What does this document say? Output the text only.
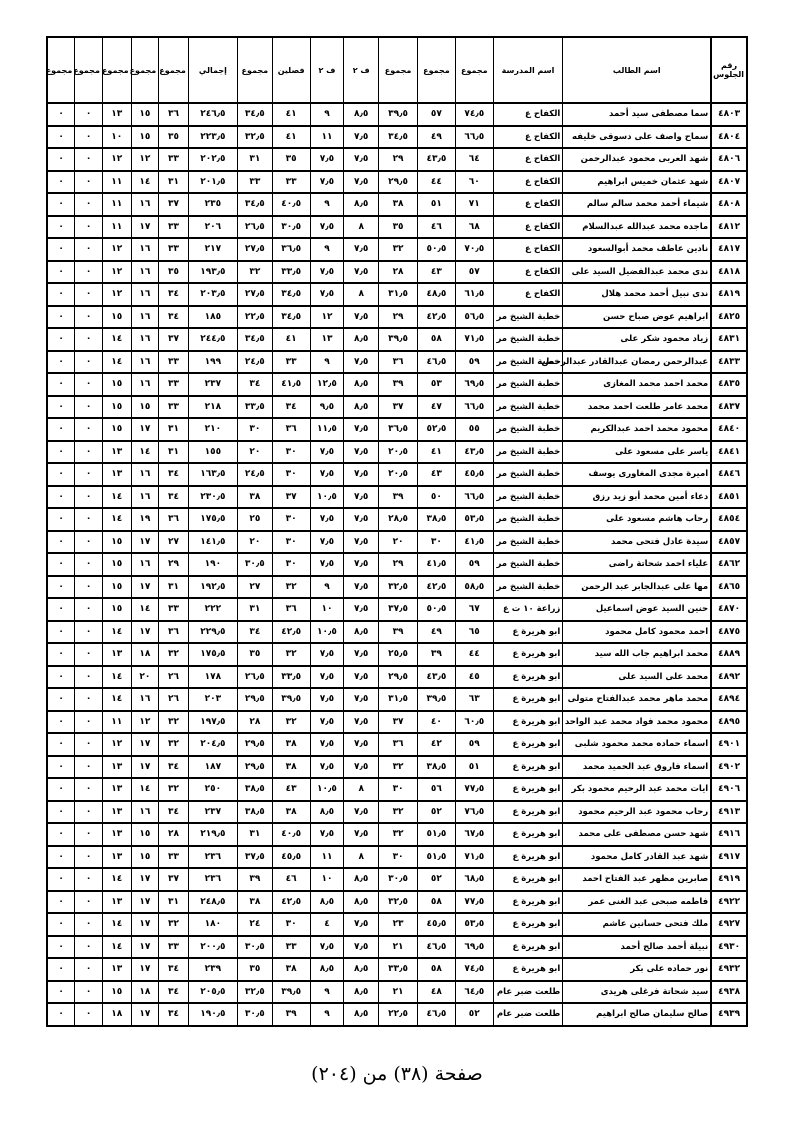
رقم الجلوس	اسم الطالب	اسم المدرسة	مجموع	مجموع	مجموع	ف ٢	ف ٢	فصلين	مجموع	إجمالي	مجموع	مجموع	مجموع	مجموع	مجموع
٤٨٠٣	سما مصطفى سيد أحمد	الكفاح ع	٧٤٫٥	٥٧	٣٩٫٥	٨٫٥	٩	٤١	٣٤٫٥	٢٤٦٫٥	٣٦	١٥	١٣	٠	٠
٤٨٠٤	سماح واصف على دسوقى خليفه	الكفاح ع	٦٦٫٥	٤٩	٣٤٫٥	٧٫٥	١١	٤١	٣٢٫٥	٢٢٣٫٥	٣٥	١٥	١٠	٠	٠
٤٨٠٦	شهد العربى محمود عبدالرحمن	الكفاح ع	٦٤	٤٣٫٥	٢٩	٧٫٥	٧٫٥	٣٥	٣١	٢٠٢٫٥	٣٣	١٢	١٢	٠	٠
٤٨٠٧	شهد عثمان خميس ابراهيم	الكفاح ع	٦٠	٤٤	٢٩٫٥	٧٫٥	٧٫٥	٣٣	٣٣	٢٠١٫٥	٣١	١٤	١١	٠	٠
٤٨٠٨	شيماء أحمد محمد سالم سالم	الكفاح ع	٧١	٥١	٣٨	٨٫٥	٩	٤٠٫٥	٣٤٫٥	٢٣٥	٣٧	١٦	١١	٠	٠
٤٨١٢	ماجده محمد عبدالله عبدالسلام	الكفاح ع	٦٨	٤٦	٣٥	٨	٧٫٥	٣٠٫٥	٢٦٫٥	٢٠٦	٣٣	١٧	١١	٠	٠
٤٨١٧	نادين عاطف محمد أبوالسعود	الكفاح ع	٧٠٫٥	٥٠٫٥	٣٢	٧٫٥	٩	٣٦٫٥	٢٧٫٥	٢١٧	٣٣	١٦	١٢	٠	٠
٤٨١٨	ندى محمد عبدالفضيل السيد على	الكفاح ع	٥٧	٤٣	٢٨	٧٫٥	٧٫٥	٣٣٫٥	٣٢	١٩٣٫٥	٣٥	١٦	١٢	٠	٠
٤٨١٩	ندى نبيل أحمد محمد هلال	الكفاح ع	٦١٫٥	٤٨٫٥	٣١٫٥	٨	٧٫٥	٣٤٫٥	٢٧٫٥	٢٠٣٫٥	٣٤	١٦	١٢	٠	٠
٤٨٢٥	ابراهيم عوض صباح حسن	خطبة الشيخ مر	٥٦٫٥	٤٢٫٥	٢٩	٧٫٥	١٢	٣٤٫٥	٢٢٫٥	١٨٥	٣٤	١٦	١٥	٠	٠
٤٨٣١	زياد محمود شكر على	خطبة الشيخ مر	٧١٫٥	٥٨	٣٩٫٥	٨٫٥	١٣	٤١	٣٤٫٥	٢٤٤٫٥	٣٧	١٦	١٤	٠	٠
٤٨٣٣	عبدالرحمن رمضان عبدالقادر عبدالرحمن	خطبة الشيخ مر	٥٩	٤٦٫٥	٣٦	٧٫٥	٩	٣٣	٢٤٫٥	١٩٩	٣٣	١٦	١٤	٠	٠
٤٨٣٥	محمد احمد محمد المغازى	خطبة الشيخ مر	٦٩٫٥	٥٣	٣٩	٨٫٥	١٢٫٥	٤١٫٥	٣٤	٢٣٧	٣٣	١٦	١٥	٠	٠
٤٨٣٧	محمد عامر طلعت احمد محمد	خطبة الشيخ مر	٦٦٫٥	٤٧	٣٧	٨٫٥	٩٫٥	٣٤	٣٣٫٥	٢١٨	٣٣	١٥	١٥	٠	٠
٤٨٤٠	محمود محمد احمد عبدالكريم	خطبة الشيخ مر	٥٥	٥٢٫٥	٣٦٫٥	٧٫٥	١١٫٥	٣٦	٣٠	٢١٠	٣١	١٧	١٥	٠	٠
٤٨٤١	ياسر على مسعود على	خطبة الشيخ مر	٤٣٫٥	٤١	٢٠٫٥	٧٫٥	٧٫٥	٣٠	٢٠	١٥٥	٣١	١٤	١٣	٠	٠
٤٨٤٦	اميرة مجدى المغاورى يوسف	خطبة الشيخ مر	٤٥٫٥	٤٣	٢٠٫٥	٧٫٥	٧٫٥	٣٠	٢٤٫٥	١٦٣٫٥	٣٤	١٦	١٣	٠	٠
٤٨٥١	دعاء أمين محمد أبو زيد رزق	خطبة الشيخ مر	٦٦٫٥	٥٠	٣٩	٧٫٥	١٠٫٥	٣٧	٣٨	٢٣٠٫٥	٣٤	١٦	١٤	٠	٠
٤٨٥٤	رحاب هاشم مسعود على	خطبة الشيخ مر	٥٣٫٥	٣٨٫٥	٢٨٫٥	٧٫٥	٧٫٥	٣٠	٢٥	١٧٥٫٥	٣٦	١٩	١٤	٠	٠
٤٨٥٧	سيدة عادل فتحى محمد	خطبة الشيخ مر	٤١٫٥	٣٠	٢٠	٧٫٥	٧٫٥	٣٠	٢٠	١٤١٫٥	٢٧	١٧	١٥	٠	٠
٤٨٦٢	علياء احمد شحاتة راضى	خطبة الشيخ مر	٥٩	٤١٫٥	٢٩	٧٫٥	٧٫٥	٣٠	٣٠٫٥	١٩٠	٢٩	١٦	١٥	٠	٠
٤٨٦٥	مها على عبدالجابر عبد الرحمن	خطبة الشيخ مر	٥٨٫٥	٤٢٫٥	٣٢٫٥	٧٫٥	٩	٣٢	٢٧	١٩٢٫٥	٣١	١٧	١٥	٠	٠
٤٨٧٠	حنين السيد عوض اسماعيل	زراعة ١٠ ت ع	٦٧	٥٠٫٥	٣٧٫٥	٧٫٥	١٠	٣٦	٣١	٢٢٢	٣٣	١٤	١٥	٠	٠
٤٨٧٥	احمد محمود كامل محمود	ابو هريرة ع	٦٥	٤٩	٣٩	٨٫٥	١٠٫٥	٤٢٫٥	٣٤	٢٢٩٫٥	٣٦	١٧	١٤	٠	٠
٤٨٨٩	محمد ابراهيم جاب الله سيد	ابو هريرة ع	٤٤	٣٩	٢٥٫٥	٧٫٥	٧٫٥	٣٢	٣٥	١٧٥٫٥	٣٢	١٨	١٣	٠	٠
٤٨٩٢	محمد على السيد على	ابو هريرة ع	٤٥	٤٣٫٥	٢٩٫٥	٧٫٥	٧٫٥	٣٣٫٥	٢٦٫٥	١٧٨	٢٦	٢٠	١٤	٠	٠
٤٨٩٤	محمد ماهر محمد عبدالفتاح متولى	ابو هريرة ع	٦٣	٣٩٫٥	٣١٫٥	٧٫٥	٧٫٥	٣٩٫٥	٢٩٫٥	٢٠٣	٢٦	١٦	١٤	٠	٠
٤٨٩٥	محمود محمد فواد محمد عبد الواحد	ابو هريرة ع	٦٠٫٥	٤٠	٣٧	٧٫٥	٧٫٥	٣٢	٢٨	١٩٧٫٥	٣٢	١٢	١١	٠	٠
٤٩٠١	اسماء حماده محمد محمود شلبى	ابو هريرة ع	٥٩	٤٢	٣٦	٧٫٥	٧٫٥	٣٨	٢٩٫٥	٢٠٤٫٥	٣٢	١٧	١٢	٠	٠
٤٩٠٢	اسماء فاروق عبد الحميد محمد	ابو هريرة ع	٥١	٣٨٫٥	٣٢	٧٫٥	٧٫٥	٣٨	٢٩٫٥	١٨٧	٣٤	١٧	١٣	٠	٠
٤٩٠٦	ايات محمد عبد الرحيم محمود بكر	ابو هريرة ع	٧٧٫٥	٥٦	٣٠	٨	١٠٫٥	٤٣	٣٨٫٥	٢٥٠	٣٢	١٤	١٣	٠	٠
٤٩١٣	رحاب محمود عبد الرحيم محمود	ابو هريرة ع	٧٦٫٥	٥٢	٣٢	٧٫٥	٨٫٥	٣٨	٣٨٫٥	٢٣٧	٣٤	١٦	١٣	٠	٠
٤٩١٦	شهد حسن مصطفى على محمد	ابو هريرة ع	٦٧٫٥	٥١٫٥	٣٢	٧٫٥	٧٫٥	٤٠٫٥	٣١	٢١٩٫٥	٢٨	١٥	١٣	٠	٠
٤٩١٧	شهد عبد القادر كامل محمود	ابو هريرة ع	٧١٫٥	٥١٫٥	٣٠	٨	١١	٤٥٫٥	٣٧٫٥	٢٣٦	٣٣	١٥	١٣	٠	٠
٤٩١٩	صابرين مظهر عبد الفتاح احمد	ابو هريرة ع	٦٨٫٥	٥٢	٣٠٫٥	٨٫٥	١٠	٤٦	٣٩	٢٣٦	٣٧	١٧	١٤	٠	٠
٤٩٢٢	فاطمه صبحى عبد الغنى عمر	ابو هريرة ع	٧٧٫٥	٥٨	٣٢٫٥	٨٫٥	٨٫٥	٤٢٫٥	٣٨	٢٤٨٫٥	٣١	١٧	١٣	٠	٠
٤٩٢٧	ملك فتحى حسانين عاشم	ابو هريرة ع	٥٣٫٥	٤٥٫٥	٢٣	٧٫٥	٤	٣٠	٢٤	١٨٠	٣٢	١٧	١٤	٠	٠
٤٩٣٠	نبيلة أحمد صالح أحمد	ابو هريرة ع	٦٩٫٥	٤٦٫٥	٢١	٧٫٥	٧٫٥	٣٣	٣٠٫٥	٢٠٠٫٥	٣٣	١٧	١٤	٠	٠
٤٩٣٢	نور حماده على بكر	ابو هريرة ع	٧٤٫٥	٥٨	٣٣٫٥	٨٫٥	٨٫٥	٣٨	٣٥	٢٣٩	٣٤	١٧	١٣	٠	٠
٤٩٣٨	سيد شحاتة فرغلى هريدى	طلعت ضبر عام	٦٤٫٥	٤٨	٢١	٨٫٥	٩	٣٩٫٥	٣٢٫٥	٢٠٥٫٥	٣٤	١٨	١٥	٠	٠
٤٩٣٩	صالح سليمان صالح ابراهيم	طلعت ضبر عام	٥٢	٤٦٫٥	٢٢٫٥	٨٫٥	٩	٣٩	٣٠٫٥	١٩٠٫٥	٣٤	١٧	١٨	٠	٠
صفحة (٣٨) من (٢٠٤)
